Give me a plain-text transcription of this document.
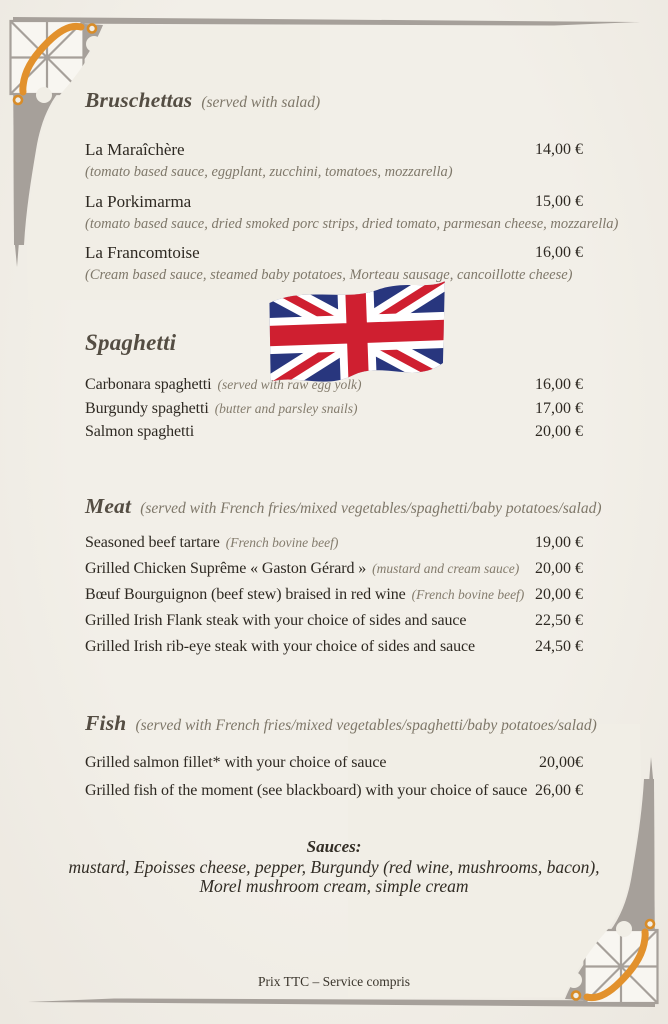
Bruschettas (served with salad)
La Maraîchère	14,00 €
(tomato based sauce, eggplant, zucchini, tomatoes, mozzarella)
La Porkimarma	15,00 €
(tomato based sauce, dried smoked porc strips, dried tomato, parmesan cheese, mozzarella)
La Francomtoise	16,00 €
(Cream based sauce, steamed baby potatoes, Morteau sausage, cancoillotte cheese)
Spaghetti
Carbonara spaghetti (served with raw egg yolk)	16,00 €
Burgundy spaghetti (butter and parsley snails)	17,00 €
Salmon spaghetti	20,00 €
Meat (served with French fries/mixed vegetables/spaghetti/baby potatoes/salad)
Seasoned beef tartare (French bovine beef)	19,00 €
Grilled Chicken Suprême « Gaston Gérard » (mustard and cream sauce) 20,00 €
Bœuf Bourguignon (beef stew) braised in red wine (French bovine beef) 20,00 €
Grilled Irish Flank steak with your choice of sides and sauce	22,50 €
Grilled Irish rib-eye steak with your choice of sides and sauce	24,50 €
Fish (served with French fries/mixed vegetables/spaghetti/baby potatoes/salad)
Grilled salmon fillet* with your choice of sauce	20,00€
Grilled fish of the moment (see blackboard) with your choice of sauce 26,00 €
Sauces:
mustard, Epoisses cheese, pepper, Burgundy (red wine, mushrooms, bacon),
Morel mushroom cream, simple cream
Prix TTC – Service compris
